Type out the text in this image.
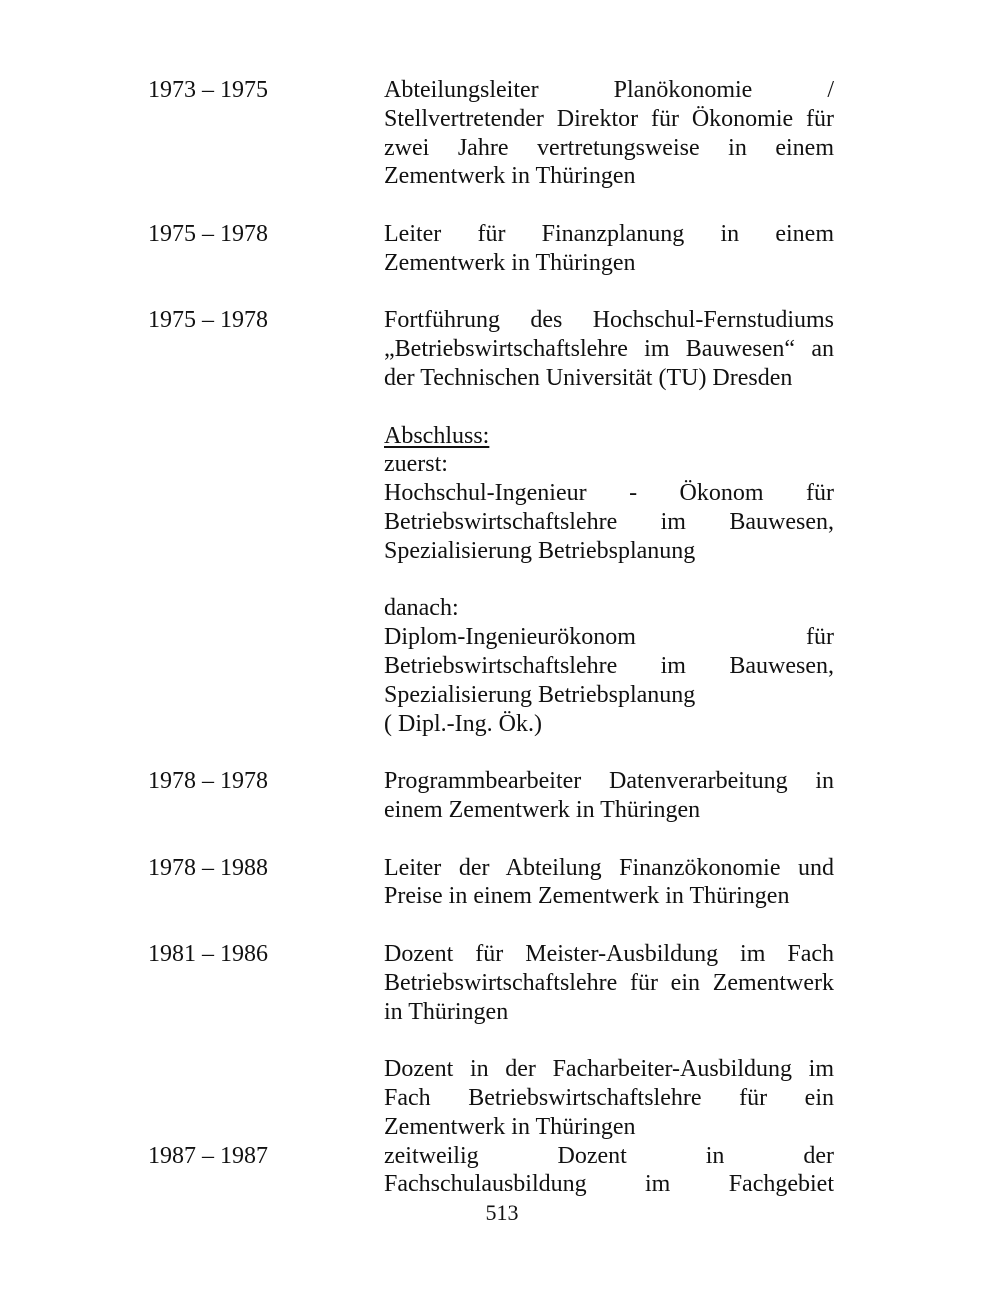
1973 – 1975	Abteilungsleiter Planökonomie /
Stellvertretender Direktor für Ökonomie für
zwei Jahre vertretungsweise in einem
Zementwerk in Thüringen
1975 – 1978	Leiter für Finanzplanung in einem
Zementwerk in Thüringen
1975 – 1978	Fortführung des Hochschul-Fernstudiums
„Betriebswirtschaftslehre im Bauwesen“ an
der Technischen Universität (TU) Dresden
Abschluss:
zuerst:
Hochschul-Ingenieur - Ökonom für
Betriebswirtschaftslehre im Bauwesen,
Spezialisierung Betriebsplanung
danach:
Diplom-Ingenieurökonom für
Betriebswirtschaftslehre im Bauwesen,
Spezialisierung Betriebsplanung
( Dipl.-Ing. Ök.)
1978 – 1978	Programmbearbeiter Datenverarbeitung in
einem Zementwerk in Thüringen
1978 – 1988	Leiter der Abteilung Finanzökonomie und
Preise in einem Zementwerk in Thüringen
1981 – 1986	Dozent für Meister-Ausbildung im Fach
Betriebswirtschaftslehre für ein Zementwerk
in Thüringen
Dozent in der Facharbeiter-Ausbildung im
Fach Betriebswirtschaftslehre für ein
Zementwerk in Thüringen
1987 – 1987	zeitweilig Dozent in der
Fachschulausbildung im Fachgebiet
513
